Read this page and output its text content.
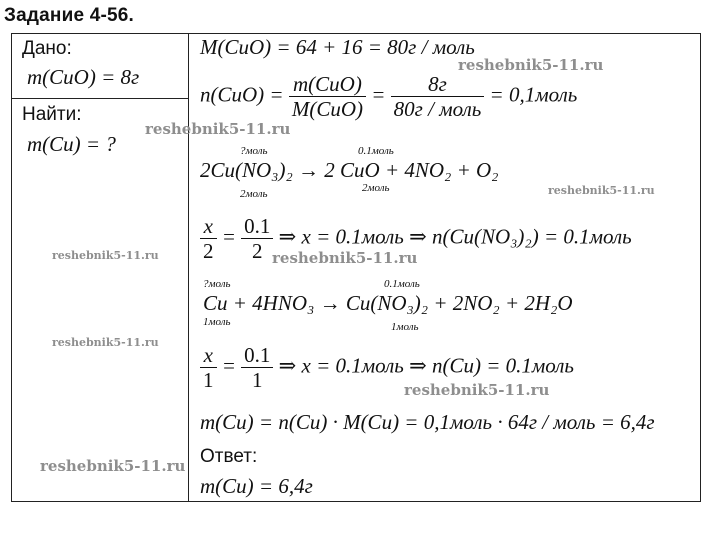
Задание 4-56.
Дано:
m(CuO) = 8г
Найти:
m(Cu) = ?
M(CuO) = 64 + 16 = 80г / моль
$n(CuO) = \frac{\text{m(CuO)}}{\text{M(CuO)}} = \frac{8г}{\text{80г / моль}}$ = 0,1моль
?моль	0.1моль
2Cu(NO₃)₂ → 2 CuO + 4NO₂ + O₂
2моль	2моль
$\frac{x}{2} = \frac{0.1}{2}$ ⇒ x = 0.1моль ⇒ n(Cu(NO₃)₂) = 0.1моль
?моль	0.1моль
Cu + 4HNO₃ → Cu(NO₃)₂ + 2NO₂ + 2H₂O
1моль	1моль
$\frac{x}{1} = \frac{0.1}{1}$ ⇒ x = 0.1моль ⇒ n(Cu) = 0.1моль
m(Cu) = n(Cu) · M(Cu) = 0,1моль · 64г / моль = 6,4г
Ответ:
m(Cu) = 6,4г
reshebnik5-11.ru
reshebnik5-11.ru
reshebnik5-11.ru
reshebnik5-11.ru	reshebnik5-11.ru
reshebnik5-11.ru
reshebnik5-11.ru
reshebnik5-11.ru
